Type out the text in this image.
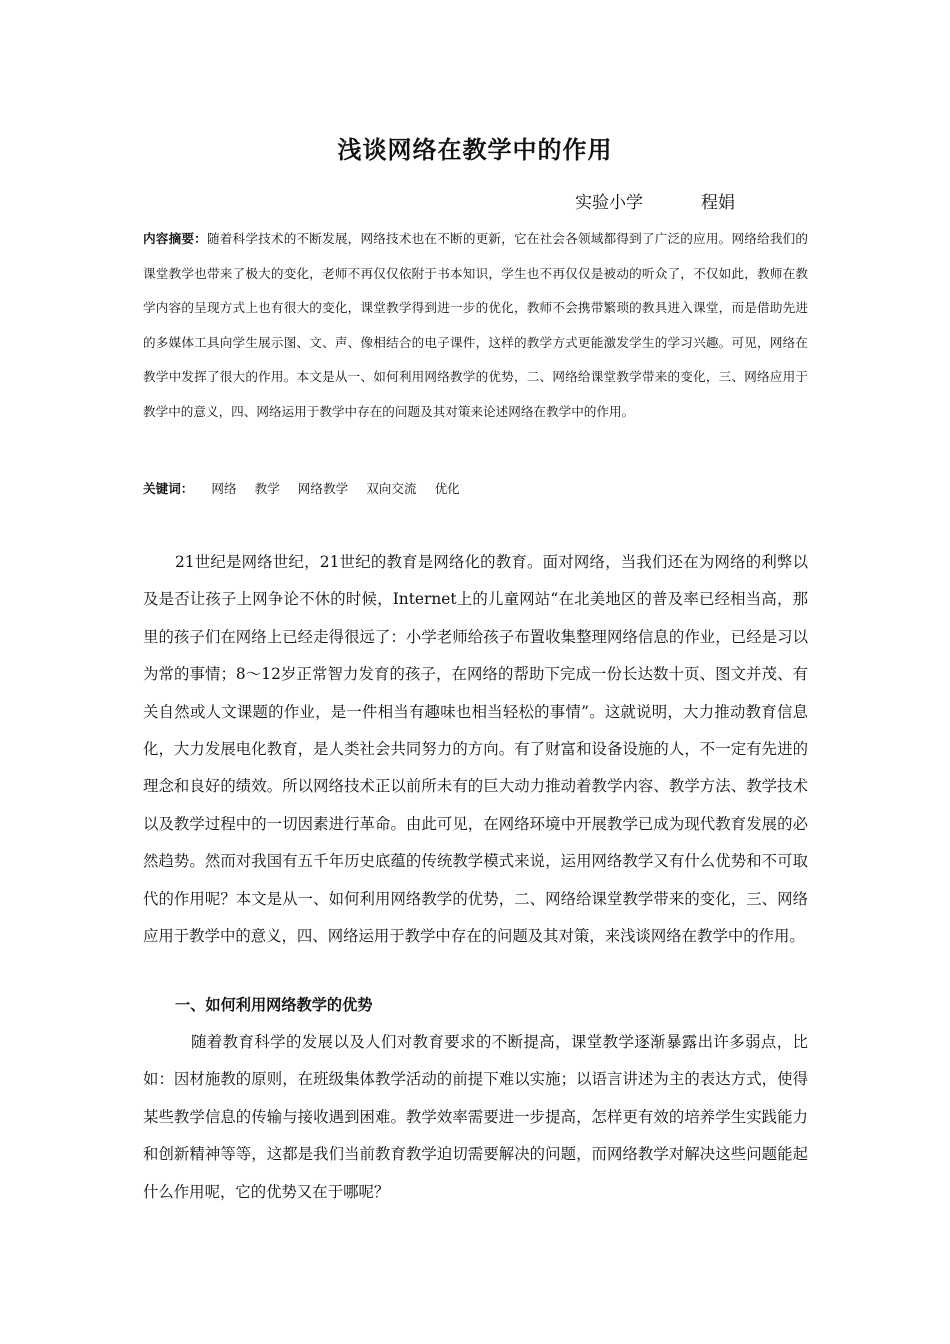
浅谈网络在教学中的作用
实验小学	程娟
内容摘要：随着科学技术的不断发展，网络技术也在不断的更新，它在社会各领域都得到了广泛的应用。网络给我们的课堂教学也带来了极大的变化，老师不再仅仅依附于书本知识，学生也不再仅仅是被动的听众了，不仅如此，教师在教学内容的呈现方式上也有很大的变化，课堂教学得到进一步的优化，教师不会携带繁琐的教具进入课堂，而是借助先进的多媒体工具向学生展示图、文、声、像相结合的电子课件，这样的教学方式更能激发学生的学习兴趣。可见，网络在教学中发挥了很大的作用。本文是从一、如何利用网络教学的优势，二、网络给课堂教学带来的变化，三、网络应用于教学中的意义，四、网络运用于教学中存在的问题及其对策来论述网络在教学中的作用。
关键词： 网络 教学 网络教学 双向交流 优化
21世纪是网络世纪，21世纪的教育是网络化的教育。面对网络，当我们还在为网络的利弊以及是否让孩子上网争论不休的时候，Internet上的儿童网站“在北美地区的普及率已经相当高，那里的孩子们在网络上已经走得很远了：小学老师给孩子布置收集整理网络信息的作业，已经是习以为常的事情；8～12岁正常智力发育的孩子，在网络的帮助下完成一份长达数十页、图文并茂、有关自然或人文课题的作业，是一件相当有趣味也相当轻松的事情”。这就说明，大力推动教育信息化，大力发展电化教育，是人类社会共同努力的方向。有了财富和设备设施的人，不一定有先进的理念和良好的绩效。所以网络技术正以前所未有的巨大动力推动着教学内容、教学方法、教学技术以及教学过程中的一切因素进行革命。由此可见，在网络环境中开展教学已成为现代教育发展的必然趋势。然而对我国有五千年历史底蕴的传统教学模式来说，运用网络教学又有什么优势和不可取代的作用呢？本文是从一、如何利用网络教学的优势，二、网络给课堂教学带来的变化，三、网络应用于教学中的意义，四、网络运用于教学中存在的问题及其对策，来浅谈网络在教学中的作用。
一、如何利用网络教学的优势
随着教育科学的发展以及人们对教育要求的不断提高，课堂教学逐渐暴露出许多弱点，比如：因材施教的原则，在班级集体教学活动的前提下难以实施；以语言讲述为主的表达方式，使得某些教学信息的传输与接收遇到困难。教学效率需要进一步提高，怎样更有效的培养学生实践能力和创新精神等等，这都是我们当前教育教学迫切需要解决的问题，而网络教学对解决这些问题能起什么作用呢，它的优势又在于哪呢？
